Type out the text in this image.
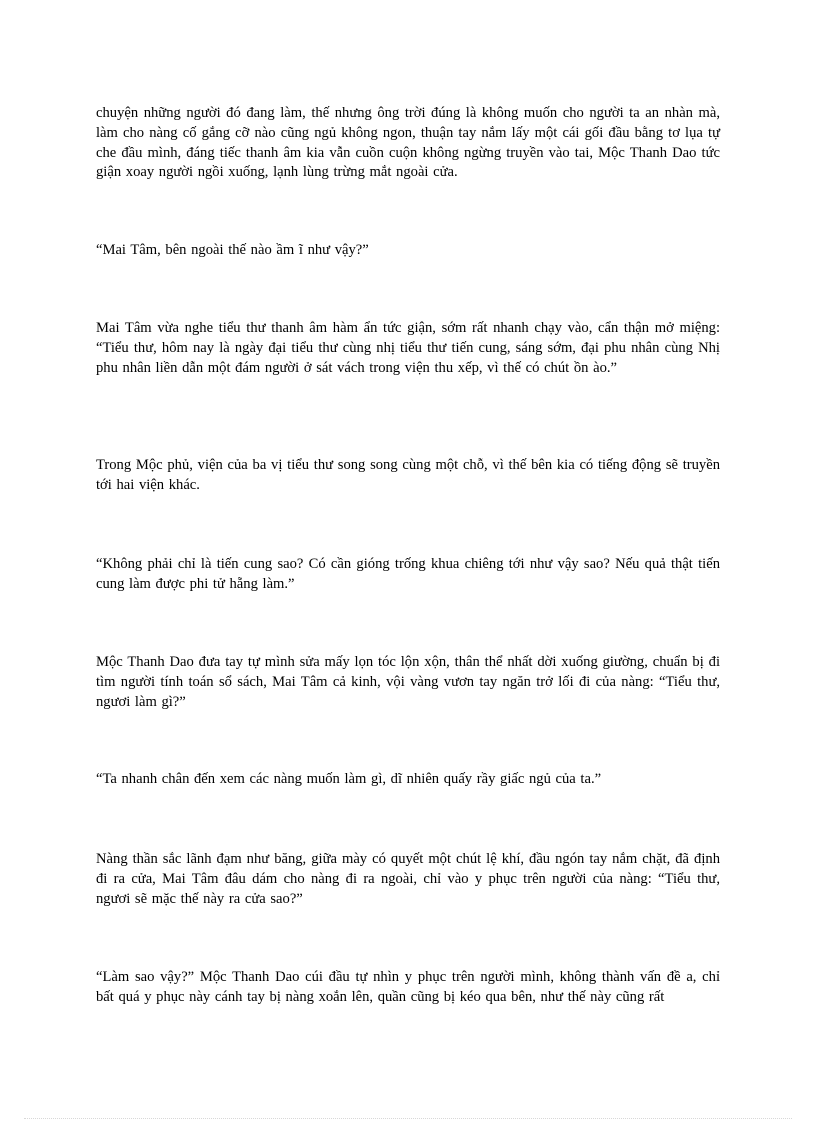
chuyện những người đó đang làm, thế nhưng ông trời đúng là không muốn cho người ta an nhàn mà, làm cho nàng cố gắng cỡ nào cũng ngủ không ngon, thuận tay nắm lấy một cái gối đầu bằng tơ lụa tự che đầu mình, đáng tiếc thanh âm kia vẫn cuồn cuộn không ngừng truyền vào tai, Mộc Thanh Dao tức giận xoay người ngồi xuống, lạnh lùng trừng mắt ngoài cửa.

“Mai Tâm, bên ngoài thế nào ầm ĩ như vậy?”

Mai Tâm vừa nghe tiểu thư thanh âm hàm ẩn tức giận, sớm rất nhanh chạy vào, cẩn thận mở miệng: “Tiểu thư, hôm nay là ngày đại tiểu thư cùng nhị tiểu thư tiến cung, sáng sớm, đại phu nhân cùng Nhị phu nhân liền dẫn một đám người ở sát vách trong viện thu xếp, vì thế có chút ồn ào.”

Trong Mộc phủ, viện của ba vị tiểu thư song song cùng một chỗ, vì thế bên kia có tiếng động sẽ truyền tới hai viện khác.

“Không phải chỉ là tiến cung sao? Có cần gióng trống khua chiêng tới như vậy sao? Nếu quả thật tiến cung làm được phi tử hẵng làm.”

Mộc Thanh Dao đưa tay tự mình sửa mấy lọn tóc lộn xộn, thân thể nhất dời xuống giường, chuẩn bị đi tìm người tính toán sổ sách, Mai Tâm cả kinh, vội vàng vươn tay ngăn trở lối đi của nàng: “Tiểu thư, ngươi làm gì?”

“Ta nhanh chân đến xem các nàng muốn làm gì, dĩ nhiên quấy rầy giấc ngủ của ta.”

Nàng thần sắc lãnh đạm như băng, giữa mày có quyết một chút lệ khí, đầu ngón tay nắm chặt, đã định đi ra cửa, Mai Tâm đâu dám cho nàng đi ra ngoài, chỉ vào y phục trên người của nàng: “Tiểu thư, ngươi sẽ mặc thế này ra cửa sao?”

“Làm sao vậy?” Mộc Thanh Dao cúi đầu tự nhìn y phục trên người mình, không thành vấn đề a, chỉ bất quá y phục này cánh tay bị nàng xoắn lên, quần cũng bị kéo qua bên, như thế này cũng rất
